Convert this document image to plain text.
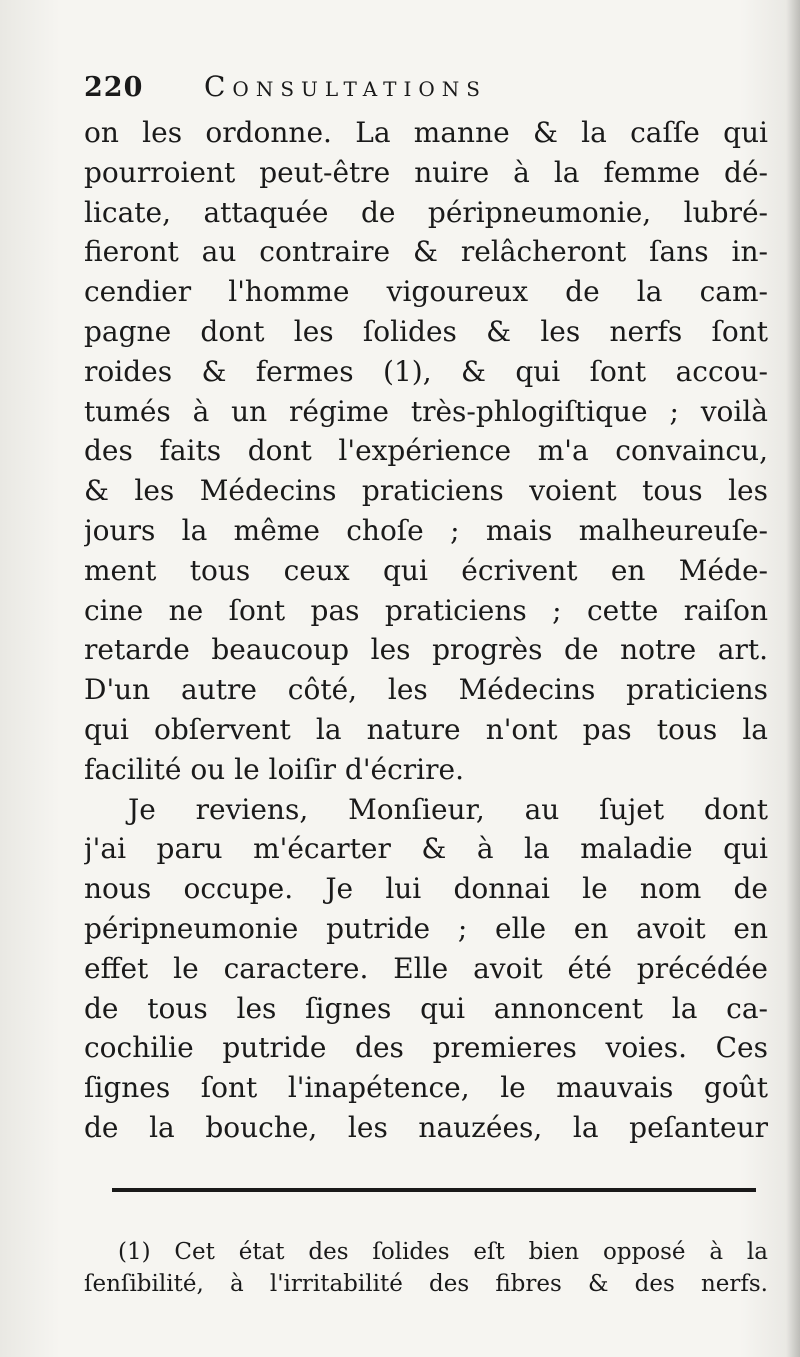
220	Consultations
on les ordonne. La manne & la caſſe qui
pourroient peut-être nuire à la femme dé-
licate, attaquée de péripneumonie, lubré-
fieront au contraire & relâcheront ſans in-
cendier l'homme vigoureux de la cam-
pagne dont les ſolides & les nerfs ſont
roides & fermes (1), & qui ſont accou-
tumés à un régime très-phlogiſtique ; voilà
des faits dont l'expérience m'a convaincu,
& les Médecins praticiens voient tous les
jours la même choſe ; mais malheureuſe-
ment tous ceux qui écrivent en Méde-
cine ne ſont pas praticiens ; cette raiſon
retarde beaucoup les progrès de notre art.
D'un autre côté, les Médecins praticiens
qui obſervent la nature n'ont pas tous la
facilité ou le loiſir d'écrire.
Je reviens, Monſieur, au ſujet dont
j'ai paru m'écarter & à la maladie qui
nous occupe. Je lui donnai le nom de
péripneumonie putride ; elle en avoit en
effet le caractere. Elle avoit été précédée
de tous les ſignes qui annoncent la ca-
cochilie putride des premieres voies. Ces
ſignes ſont l'inapétence, le mauvais goût
de la bouche, les nauzées, la peſanteur
(1) Cet état des ſolides eſt bien opposé à la
ſenſibilité, à l'irritabilité des fibres & des nerfs.
